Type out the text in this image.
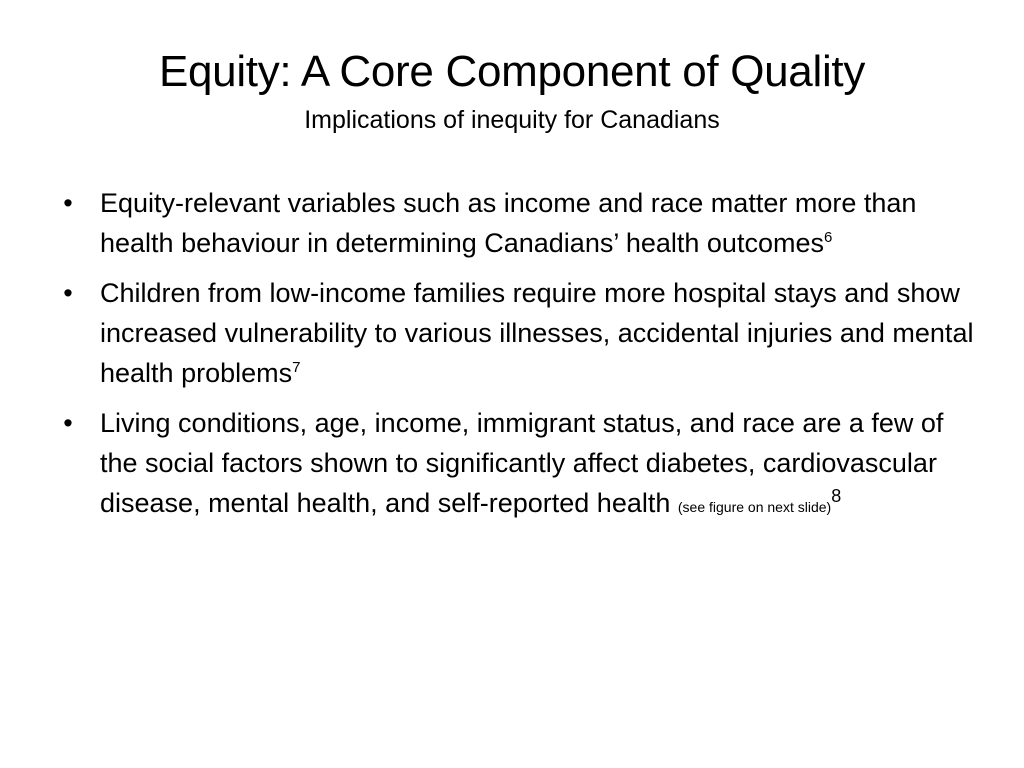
Equity: A Core Component of Quality
Implications of inequity for Canadians
• Equity-relevant variables such as income and race matter more than health behaviour in determining Canadians’ health outcomes$^6$
• Children from low-income families require more hospital stays and show increased vulnerability to various illnesses, accidental injuries and mental health problems$^7$
• Living conditions, age, income, immigrant status, and race are a few of the social factors shown to significantly affect diabetes, cardiovascular disease, mental health, and self-reported health (see figure on next slide)$^8$
